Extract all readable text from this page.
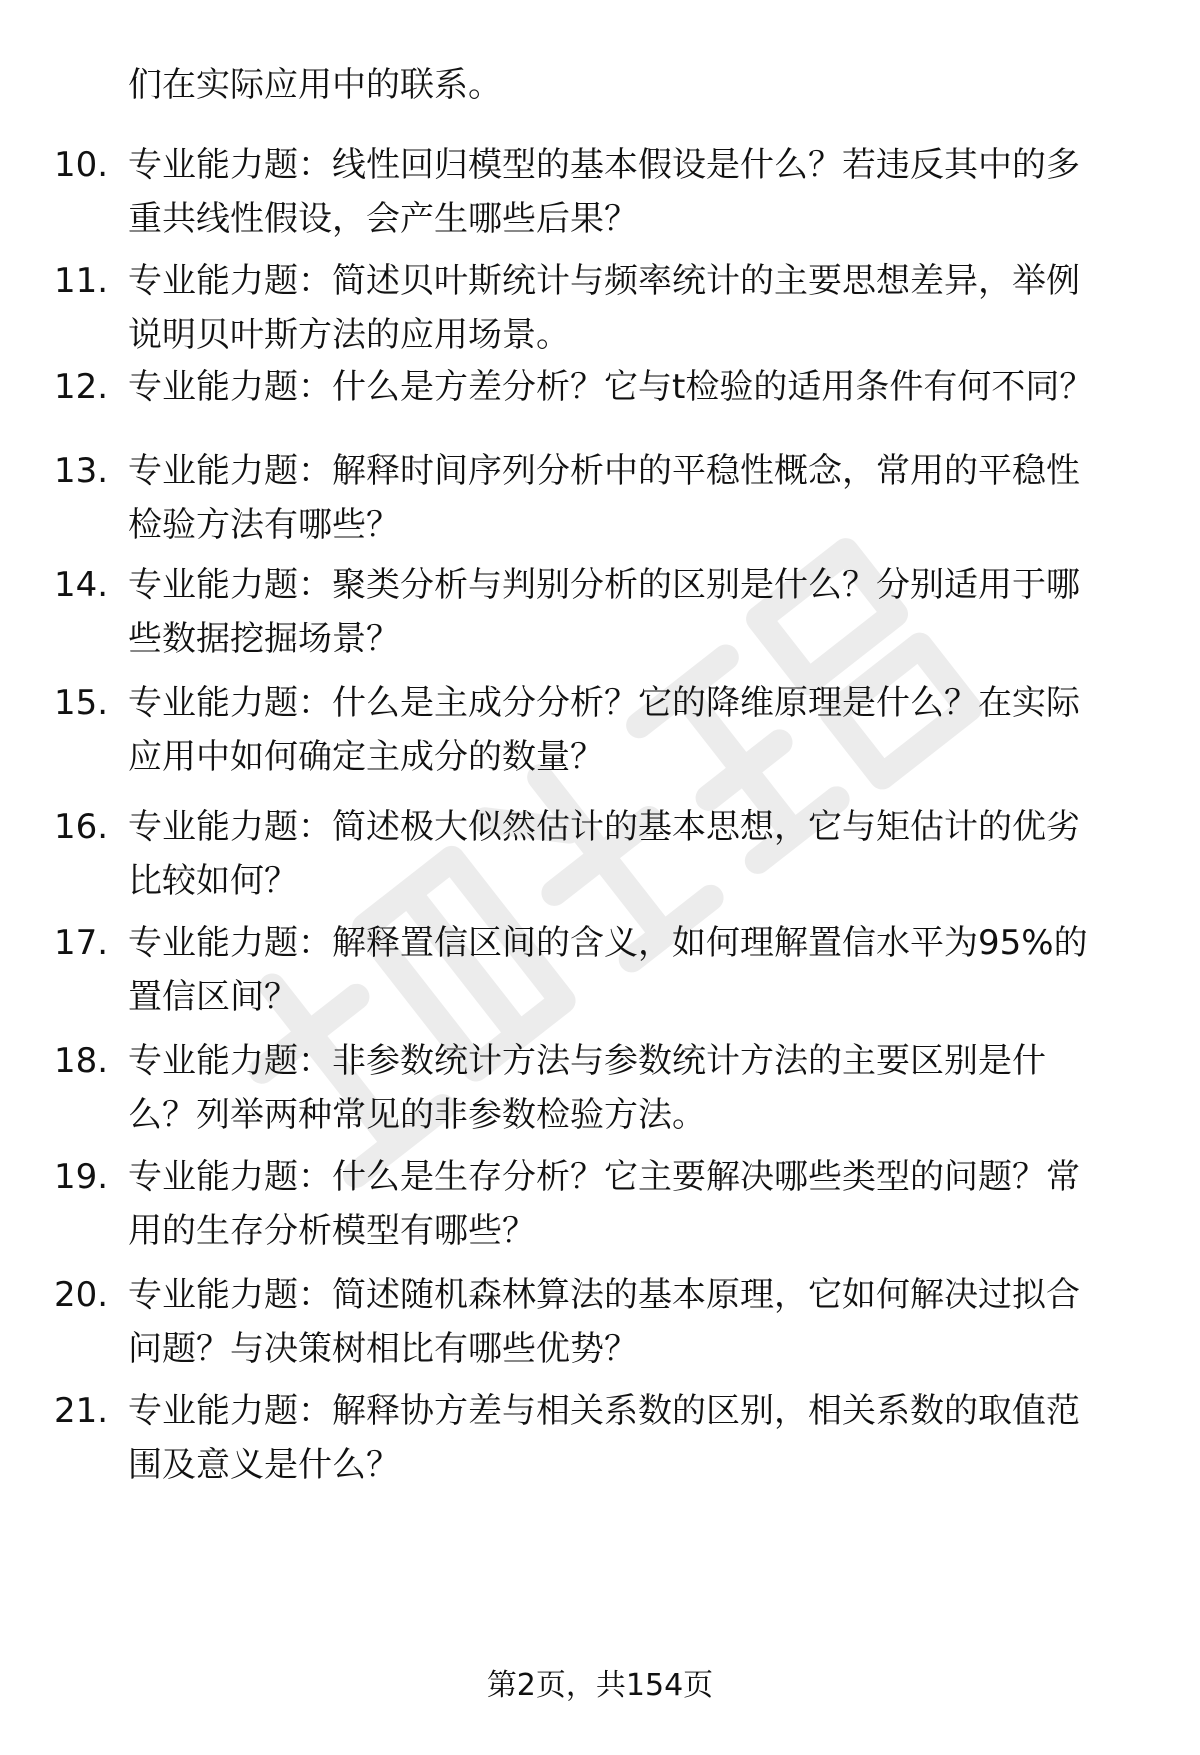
们在实际应用中的联系。
10. 专业能力题：线性回归模型的基本假设是什么？若违反其中的多
重共线性假设，会产生哪些后果？
11. 专业能力题：简述贝叶斯统计与频率统计的主要思想差异，举例
说明贝叶斯方法的应用场景。
12. 专业能力题：什么是方差分析？它与t检验的适用条件有何不同？
13. 专业能力题：解释时间序列分析中的平稳性概念，常用的平稳性
检验方法有哪些？
14. 专业能力题：聚类分析与判别分析的区别是什么？分别适用于哪
些数据挖掘场景？
15. 专业能力题：什么是主成分分析？它的降维原理是什么？在实际
应用中如何确定主成分的数量？
16. 专业能力题：简述极大似然估计的基本思想，它与矩估计的优劣
比较如何？
17. 专业能力题：解释置信区间的含义，如何理解置信水平为95%的
置信区间？
18. 专业能力题：非参数统计方法与参数统计方法的主要区别是什
么？列举两种常见的非参数检验方法。
19. 专业能力题：什么是生存分析？它主要解决哪些类型的问题？常
用的生存分析模型有哪些？
20. 专业能力题：简述随机森林算法的基本原理，它如何解决过拟合
问题？与决策树相比有哪些优势？
21. 专业能力题：解释协方差与相关系数的区别，相关系数的取值范
围及意义是什么？
第2页，共154页
